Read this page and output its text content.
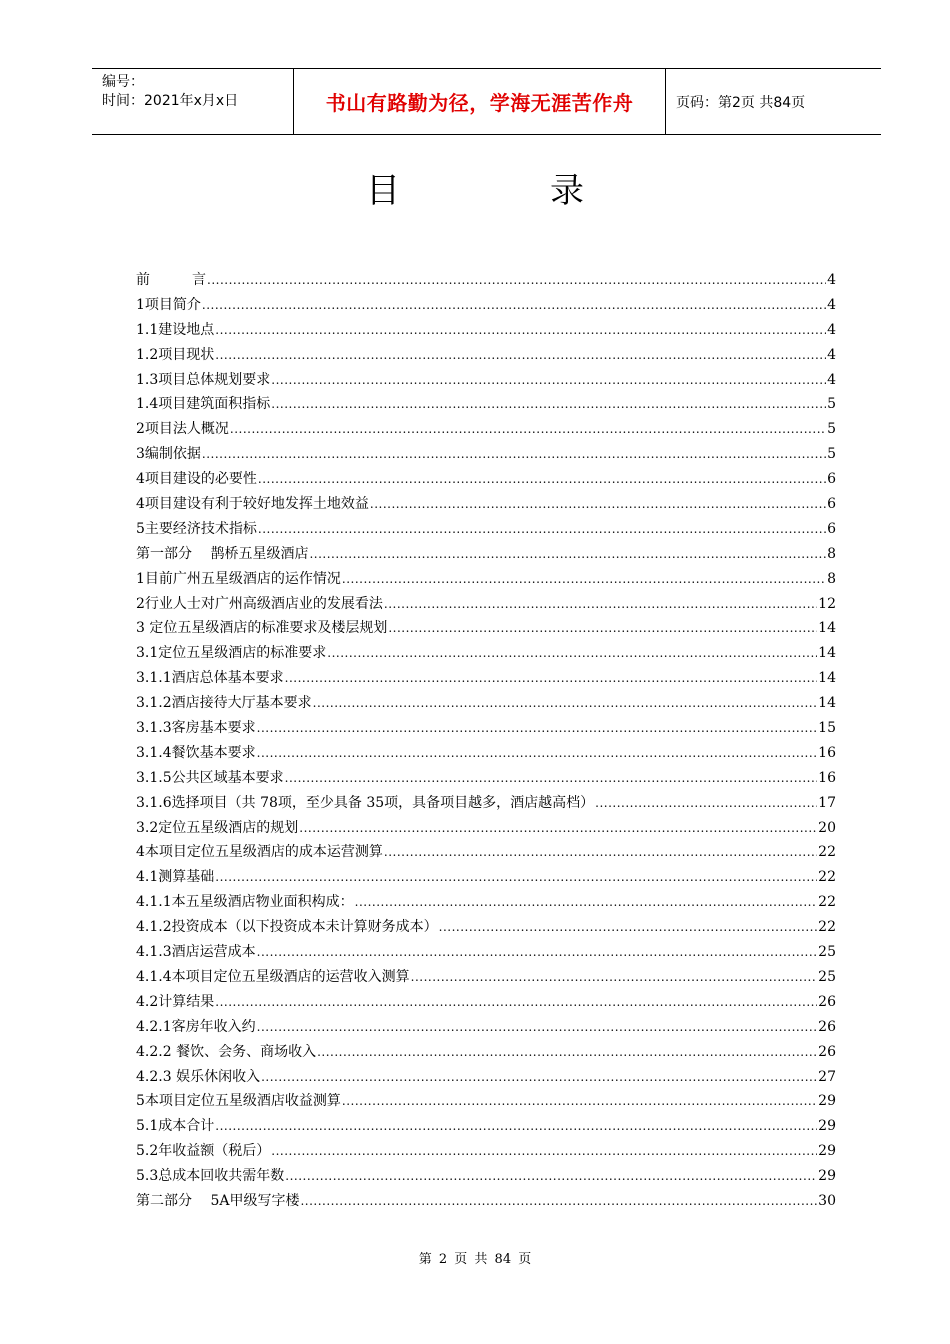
编号：
时间：2021年x月x日	书山有路勤为径，学海无涯苦作舟	页码：第2页 共84页
目录
前　　　言 .....	4
1项目简介 .....	4
1.1建设地点 .....	4
1.2项目现状 .....	4
1.3项目总体规划要求 .....	4
1.4项目建筑面积指标 .....	5
2项目法人概况 .....	5
3编制依据 .....	5
4项目建设的必要性 .....	6
4项目建设有利于较好地发挥土地效益 .....	6
5主要经济技术指标 .....	6
第一部分　 鹊桥五星级酒店 .....	8
1目前广州五星级酒店的运作情况 .....	8
2行业人士对广州高级酒店业的发展看法 .....	12
3 定位五星级酒店的标准要求及楼层规划 .....	14
3.1定位五星级酒店的标准要求 .....	14
3.1.1酒店总体基本要求 .....	14
3.1.2酒店接待大厅基本要求 .....	14
3.1.3客房基本要求 .....	15
3.1.4餐饮基本要求 .....	16
3.1.5公共区域基本要求 .....	16
3.1.6选择项目（共 78项，至少具备 35项，具备项目越多，酒店越高档） .....	17
3.2定位五星级酒店的规划 .....	20
4本项目定位五星级酒店的成本运营测算 .....	22
4.1测算基础 .....	22
4.1.1本五星级酒店物业面积构成： .....	22
4.1.2投资成本（以下投资成本未计算财务成本） .....	22
4.1.3酒店运营成本 .....	25
4.1.4本项目定位五星级酒店的运营收入测算 .....	25
4.2计算结果 .....	26
4.2.1客房年收入约 .....	26
4.2.2 餐饮、会务、商场收入 .....	26
4.2.3 娱乐休闲收入 .....	27
5本项目定位五星级酒店收益测算 .....	29
5.1成本合计 .....	29
5.2年收益额（税后） .....	29
5.3总成本回收共需年数 .....	29
第二部分　 5A甲级写字楼 .....	30
第 2 页 共 84 页
